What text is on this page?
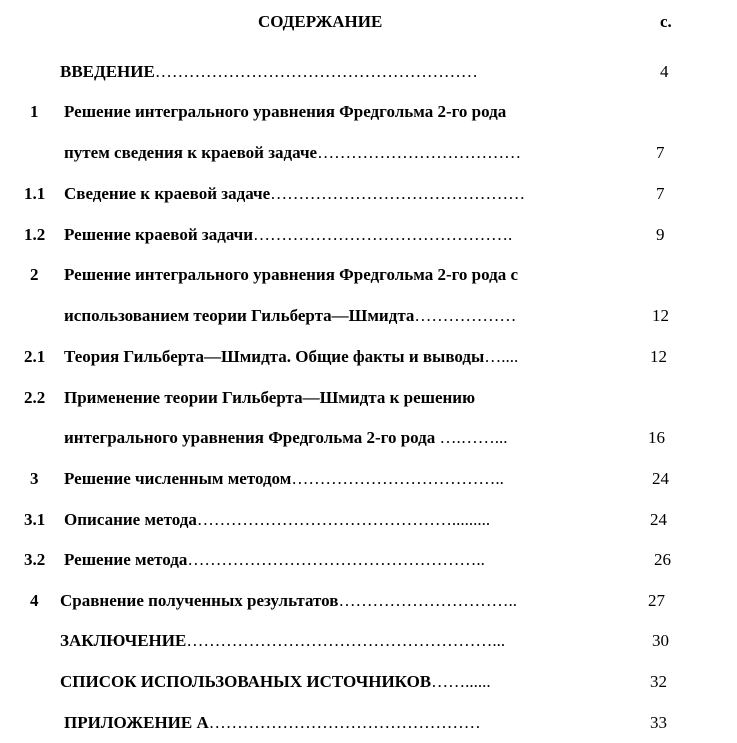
СОДЕРЖАНИЕ	с.
ВВЕДЕНИЕ…………………………………………………	4
1 Решение интегрального уравнения Фредгольма 2-го рода
путем сведения к краевой задаче………………………………	7
1.1 Сведение к краевой задаче………………………………………	7
1.2 Решение краевой задачи……………………………………….	9
2 Решение интегрального уравнения Фредгольма 2-го рода с
использованием теории Гильберта—Шмидта………………	12
2.1 Теория Гильберта—Шмидта. Общие факты и выводы…....	12
2.2 Применение теории Гильберта—Шмидта к решению
интегрального уравнения Фредгольма 2-го рода ….……...	16
3 Решение численным методом………………………………..	24
3.1 Описание метода……………………………………….........	24
3.2 Решение метода……………………………………………..	26
4 Сравнение полученных результатов…………………………..	27
ЗАКЛЮЧЕНИЕ………………………………………………...	30
СПИСОК ИСПОЛЬЗОВАНЫХ ИСТОЧНИКОВ……......	32
ПРИЛОЖЕНИЕ А…………………………………………	33
